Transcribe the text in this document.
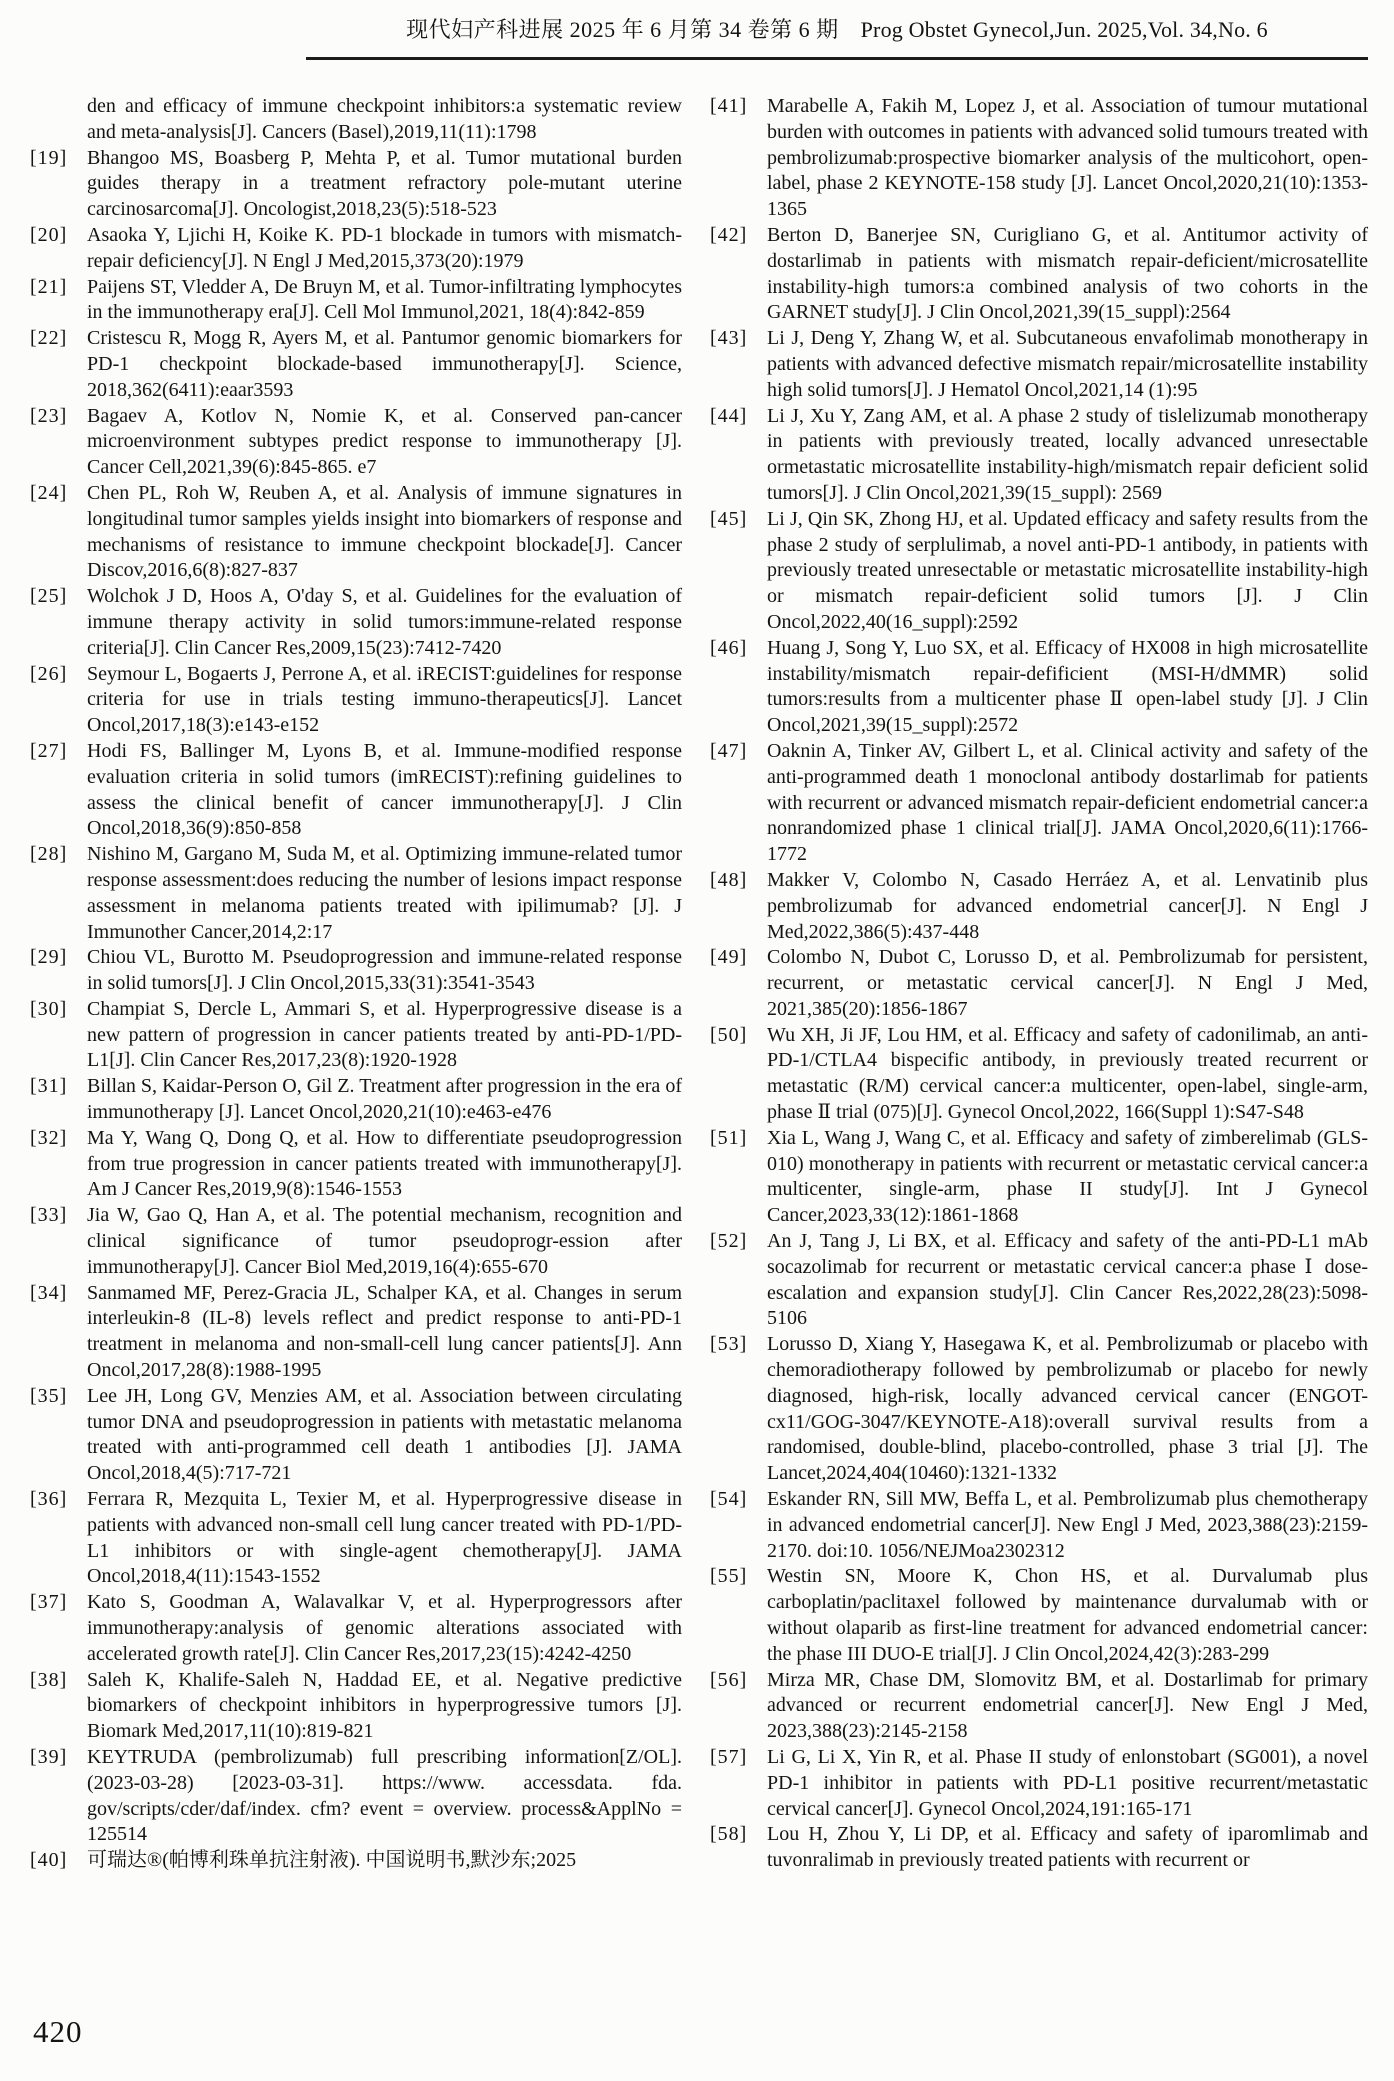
现代妇产科进展 2025 年 6 月第 34 卷第 6 期 Prog Obstet Gynecol,Jun. 2025,Vol. 34,No. 6
den and efficacy of immune checkpoint inhibitors:a systematic review and meta-analysis[J]. Cancers (Basel),2019,11(11):1798
[19] Bhangoo MS, Boasberg P, Mehta P, et al. Tumor mutational burden guides therapy in a treatment refractory pole-mutant uterine carcinosarcoma[J]. Oncologist,2018,23(5):518-523
[20] Asaoka Y, Ljichi H, Koike K. PD-1 blockade in tumors with mismatch-repair deficiency[J]. N Engl J Med,2015,373(20):1979
[21] Paijens ST, Vledder A, De Bruyn M, et al. Tumor-infiltrating lymphocytes in the immunotherapy era[J]. Cell Mol Immunol,2021, 18(4):842-859
[22] Cristescu R, Mogg R, Ayers M, et al. Pantumor genomic biomarkers for PD-1 checkpoint blockade-based immunotherapy[J]. Science, 2018,362(6411):eaar3593
[23] Bagaev A, Kotlov N, Nomie K, et al. Conserved pan-cancer microenvironment subtypes predict response to immunotherapy [J]. Cancer Cell,2021,39(6):845-865. e7
[24] Chen PL, Roh W, Reuben A, et al. Analysis of immune signatures in longitudinal tumor samples yields insight into biomarkers of response and mechanisms of resistance to immune checkpoint blockade[J]. Cancer Discov,2016,6(8):827-837
[25] Wolchok J D, Hoos A, O'day S, et al. Guidelines for the evaluation of immune therapy activity in solid tumors:immune-related response criteria[J]. Clin Cancer Res,2009,15(23):7412-7420
[26] Seymour L, Bogaerts J, Perrone A, et al. iRECIST:guidelines for response criteria for use in trials testing immuno-therapeutics[J]. Lancet Oncol,2017,18(3):e143-e152
[27] Hodi FS, Ballinger M, Lyons B, et al. Immune-modified response evaluation criteria in solid tumors (imRECIST):refining guidelines to assess the clinical benefit of cancer immunotherapy[J]. J Clin Oncol,2018,36(9):850-858
[28] Nishino M, Gargano M, Suda M, et al. Optimizing immune-related tumor response assessment:does reducing the number of lesions impact response assessment in melanoma patients treated with ipilimumab? [J]. J Immunother Cancer,2014,2:17
[29] Chiou VL, Burotto M. Pseudoprogression and immune-related response in solid tumors[J]. J Clin Oncol,2015,33(31):3541-3543
[30] Champiat S, Dercle L, Ammari S, et al. Hyperprogressive disease is a new pattern of progression in cancer patients treated by anti-PD-1/PD-L1[J]. Clin Cancer Res,2017,23(8):1920-1928
[31] Billan S, Kaidar-Person O, Gil Z. Treatment after progression in the era of immunotherapy [J]. Lancet Oncol,2020,21(10):e463-e476
[32] Ma Y, Wang Q, Dong Q, et al. How to differentiate pseudoprogression from true progression in cancer patients treated with immunotherapy[J]. Am J Cancer Res,2019,9(8):1546-1553
[33] Jia W, Gao Q, Han A, et al. The potential mechanism, recognition and clinical significance of tumor pseudoprogr-ession after immunotherapy[J]. Cancer Biol Med,2019,16(4):655-670
[34] Sanmamed MF, Perez-Gracia JL, Schalper KA, et al. Changes in serum interleukin-8 (IL-8) levels reflect and predict response to anti-PD-1 treatment in melanoma and non-small-cell lung cancer patients[J]. Ann Oncol,2017,28(8):1988-1995
[35] Lee JH, Long GV, Menzies AM, et al. Association between circulating tumor DNA and pseudoprogression in patients with metastatic melanoma treated with anti-programmed cell death 1 antibodies [J]. JAMA Oncol,2018,4(5):717-721
[36] Ferrara R, Mezquita L, Texier M, et al. Hyperprogressive disease in patients with advanced non-small cell lung cancer treated with PD-1/PD-L1 inhibitors or with single-agent chemotherapy[J]. JAMA Oncol,2018,4(11):1543-1552
[37] Kato S, Goodman A, Walavalkar V, et al. Hyperprogressors after immunotherapy:analysis of genomic alterations associated with accelerated growth rate[J]. Clin Cancer Res,2017,23(15):4242-4250
[38] Saleh K, Khalife-Saleh N, Haddad EE, et al. Negative predictive biomarkers of checkpoint inhibitors in hyperprogressive tumors [J]. Biomark Med,2017,11(10):819-821
[39] KEYTRUDA (pembrolizumab) full prescribing information[Z/OL]. (2023-03-28) [2023-03-31]. https://www. accessdata. fda. gov/scripts/cder/daf/index. cfm? event = overview. process&ApplNo = 125514
[40] 可瑞达®(帕博利珠单抗注射液). 中国说明书,默沙东;2025
[41] Marabelle A, Fakih M, Lopez J, et al. Association of tumour mutational burden with outcomes in patients with advanced solid tumours treated with pembrolizumab:prospective biomarker analysis of the multicohort, open-label, phase 2 KEYNOTE-158 study [J]. Lancet Oncol,2020,21(10):1353-1365
[42] Berton D, Banerjee SN, Curigliano G, et al. Antitumor activity of dostarlimab in patients with mismatch repair-deficient/microsatellite instability-high tumors:a combined analysis of two cohorts in the GARNET study[J]. J Clin Oncol,2021,39(15_suppl):2564
[43] Li J, Deng Y, Zhang W, et al. Subcutaneous envafolimab monotherapy in patients with advanced defective mismatch repair/microsatellite instability high solid tumors[J]. J Hematol Oncol,2021,14 (1):95
[44] Li J, Xu Y, Zang AM, et al. A phase 2 study of tislelizumab monotherapy in patients with previously treated, locally advanced unresectable ormetastatic microsatellite instability-high/mismatch repair deficient solid tumors[J]. J Clin Oncol,2021,39(15_suppl): 2569
[45] Li J, Qin SK, Zhong HJ, et al. Updated efficacy and safety results from the phase 2 study of serplulimab, a novel anti-PD-1 antibody, in patients with previously treated unresectable or metastatic microsatellite instability-high or mismatch repair-deficient solid tumors [J]. J Clin Oncol,2022,40(16_suppl):2592
[46] Huang J, Song Y, Luo SX, et al. Efficacy of HX008 in high microsatellite instability/mismatch repair-defificient (MSI-H/dMMR) solid tumors:results from a multicenter phase Ⅱ open-label study [J]. J Clin Oncol,2021,39(15_suppl):2572
[47] Oaknin A, Tinker AV, Gilbert L, et al. Clinical activity and safety of the anti-programmed death 1 monoclonal antibody dostarlimab for patients with recurrent or advanced mismatch repair-deficient endometrial cancer:a nonrandomized phase 1 clinical trial[J]. JAMA Oncol,2020,6(11):1766-1772
[48] Makker V, Colombo N, Casado Herráez A, et al. Lenvatinib plus pembrolizumab for advanced endometrial cancer[J]. N Engl J Med,2022,386(5):437-448
[49] Colombo N, Dubot C, Lorusso D, et al. Pembrolizumab for persistent, recurrent, or metastatic cervical cancer[J]. N Engl J Med, 2021,385(20):1856-1867
[50] Wu XH, Ji JF, Lou HM, et al. Efficacy and safety of cadonilimab, an anti-PD-1/CTLA4 bispecific antibody, in previously treated recurrent or metastatic (R/M) cervical cancer:a multicenter, open-label, single-arm, phase Ⅱ trial (075)[J]. Gynecol Oncol,2022, 166(Suppl 1):S47-S48
[51] Xia L, Wang J, Wang C, et al. Efficacy and safety of zimberelimab (GLS-010) monotherapy in patients with recurrent or metastatic cervical cancer:a multicenter, single-arm, phase II study[J]. Int J Gynecol Cancer,2023,33(12):1861-1868
[52] An J, Tang J, Li BX, et al. Efficacy and safety of the anti-PD-L1 mAb socazolimab for recurrent or metastatic cervical cancer:a phase Ⅰ dose-escalation and expansion study[J]. Clin Cancer Res,2022,28(23):5098-5106
[53] Lorusso D, Xiang Y, Hasegawa K, et al. Pembrolizumab or placebo with chemoradiotherapy followed by pembrolizumab or placebo for newly diagnosed, high-risk, locally advanced cervical cancer (ENGOT-cx11/GOG-3047/KEYNOTE-A18):overall survival results from a randomised, double-blind, placebo-controlled, phase 3 trial [J]. The Lancet,2024,404(10460):1321-1332
[54] Eskander RN, Sill MW, Beffa L, et al. Pembrolizumab plus chemotherapy in advanced endometrial cancer[J]. New Engl J Med, 2023,388(23):2159-2170. doi:10. 1056/NEJMoa2302312
[55] Westin SN, Moore K, Chon HS, et al. Durvalumab plus carboplatin/paclitaxel followed by maintenance durvalumab with or without olaparib as first-line treatment for advanced endometrial cancer: the phase III DUO-E trial[J]. J Clin Oncol,2024,42(3):283-299
[56] Mirza MR, Chase DM, Slomovitz BM, et al. Dostarlimab for primary advanced or recurrent endometrial cancer[J]. New Engl J Med, 2023,388(23):2145-2158
[57] Li G, Li X, Yin R, et al. Phase II study of enlonstobart (SG001), a novel PD-1 inhibitor in patients with PD-L1 positive recurrent/metastatic cervical cancer[J]. Gynecol Oncol,2024,191:165-171
[58] Lou H, Zhou Y, Li DP, et al. Efficacy and safety of iparomlimab and tuvonralimab in previously treated patients with recurrent or
420
